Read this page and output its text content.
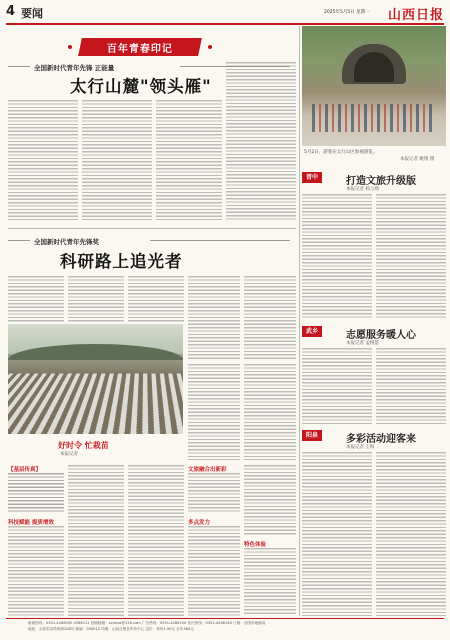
4 要闻	2025年5月5日 星期一 山西日报
百年青春印记
全国新时代青年先锋 正能量
太行山麓"领头雁"
5月2日，游客在太行山区参观游览。
本报记者 姚翔 摄
晋中	打造文旅升级版
本报记者 杨云绵
武乡	志愿服务暖人心
本报记者 孟格慧
阳泉	多彩活动迎客来
本报记者 王海
全国新时代青年先锋奖
科研路上追光者
好时令 忙栽苗
本报记者
【基层传真】
科技赋能 提质增效
文旅融合出新彩
多点发力
特色体验
新闻热线：0351-4286000 4286111 投稿邮箱：sxrbxw@126.com 广告热线：0351-4286100 发行热线：0351-4286163 订阅：全国各地邮局
地址：太原市双塔西街108号 邮编：030012 印刷：山西日报社印务中心 定价：每份1.50元 全年360元
